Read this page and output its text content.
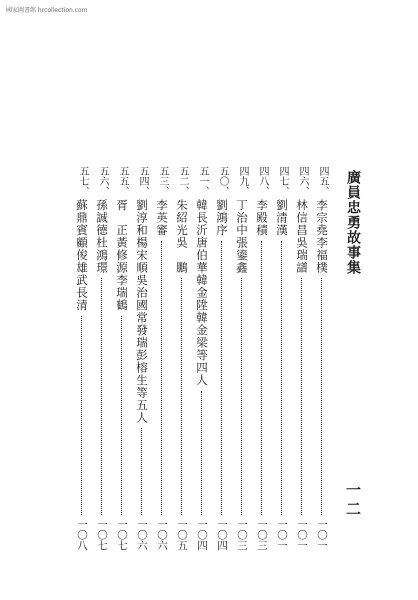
國家圖書館 hrcollection.com
廣員忠勇故事集
一二
四五、
李宗堯李福樸
一〇一
四六、
林信昌吳瑞譜
一〇一
四七、
劉清漢
一〇一
四八、
李殿積
一〇三
四九、
丁治中張鎏鑫
一〇三
五〇、
劉鴻序
一〇四
五一、
韓長沂唐伯華韓金陞韓金梁等四人
一〇四
五二、
朱紹光吳　鵬
一〇五
五三、
李英審
一〇六
五四、
劉淳和楊宋順吳治國常發瑞彭榕生等五人
一〇六
五五、
胥　正黃修源李瑞鶴
一〇七
五六、
孫誠德杜鴻璟
一〇七
五七、
蘇鼎賓顧俊雄武長清
一〇八
